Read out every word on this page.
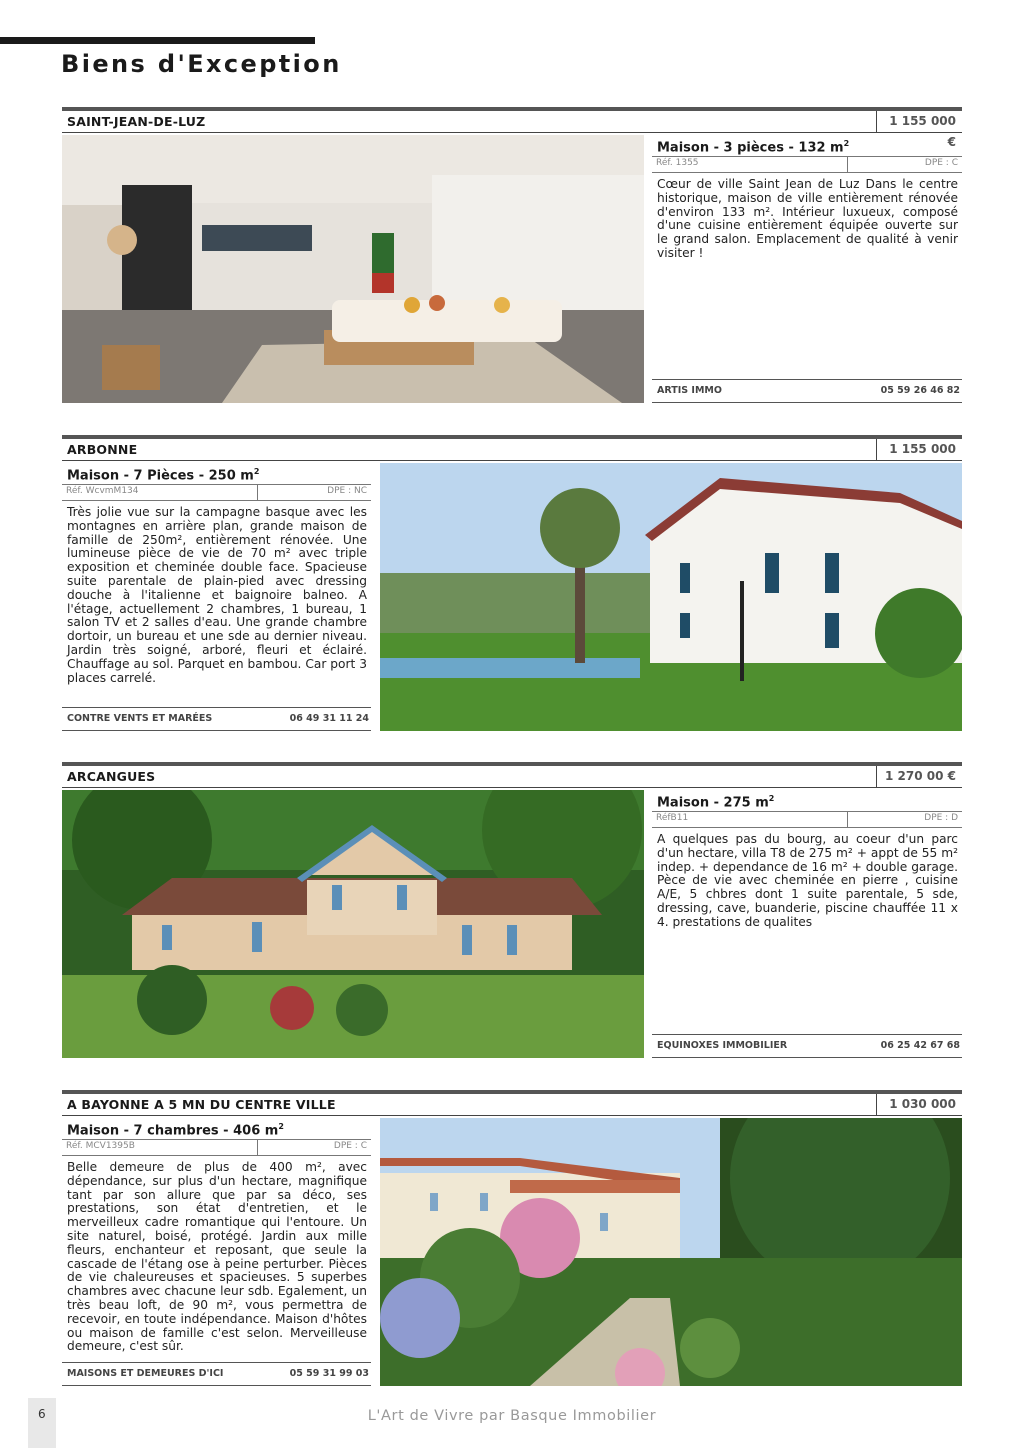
Biens d'Exception
SAINT-JEAN-DE-LUZ	1 155 000 €
Maison - 3 pièces - 132 $m^2$
Réf. 1355	DPE : C

Cœur de ville Saint Jean de Luz Dans le centre historique, maison de ville entièrement rénovée d'environ 133 m². Intérieur luxueux, composé d'une cuisine entièrement équipée ouverte sur le grand salon. Emplacement de qualité à venir visiter !

ARTIS IMMO	05 59 26 46 82
ARBONNE	1 155 000
Maison - 7 Pièces - 250 $m^2$
Réf. WcvmM134	DPE : NC

Très jolie vue sur la campagne basque avec les montagnes en arrière plan, grande maison de famille de 250m², entièrement rénovée. Une lumineuse pièce de vie de 70 m² avec triple exposition et cheminée double face. Spacieuse suite parentale de plain-pied avec dressing douche à l'italienne et baignoire balneo. A l'étage, actuellement 2 chambres, 1 bureau, 1 salon TV et 2 salles d'eau. Une grande chambre dortoir, un bureau et une sde au dernier niveau. Jardin très soigné, arboré, fleuri et éclairé. Chauffage au sol. Parquet en bambou. Car port 3 places carrelé.

CONTRE VENTS ET MARÉES	06 49 31 11 24
ARCANGUES	1 270 00 €
Maison - 275 $m^2$
RéfB11	DPE : D

A quelques pas du bourg, au coeur d'un parc d'un hectare, villa T8 de 275 m² + appt de 55 m² indep. + dependance de 16 m² + double garage. Pèce de vie avec cheminée en pierre , cuisine A/E, 5 chbres dont 1 suite parentale, 5 sde, dressing, cave, buanderie, piscine chauffée 11 x 4. prestations de qualites

EQUINOXES IMMOBILIER	06 25 42 67 68
A BAYONNE A 5 MN DU CENTRE VILLE	1 030 000
Maison - 7 chambres - 406 $m^2$
Réf. MCV1395B	DPE : C

Belle demeure de plus de 400 m², avec dépendance, sur plus d'un hectare, magnifique tant par son allure que par sa déco, ses prestations, son état d'entretien, et le merveilleux cadre romantique qui l'entoure. Un site naturel, boisé, protégé. Jardin aux mille fleurs, enchanteur et reposant, que seule la cascade de l'étang ose à peine perturber. Pièces de vie chaleureuses et spacieuses. 5 superbes chambres avec chacune leur sdb. Egalement, un très beau loft, de 90 m², vous permettra de recevoir, en toute indépendance. Maison d'hôtes ou maison de famille c'est selon. Merveilleuse demeure, c'est sûr.

MAISONS ET DEMEURES D'ICI	05 59 31 99 03
6	L'Art de Vivre par Basque Immobilier
